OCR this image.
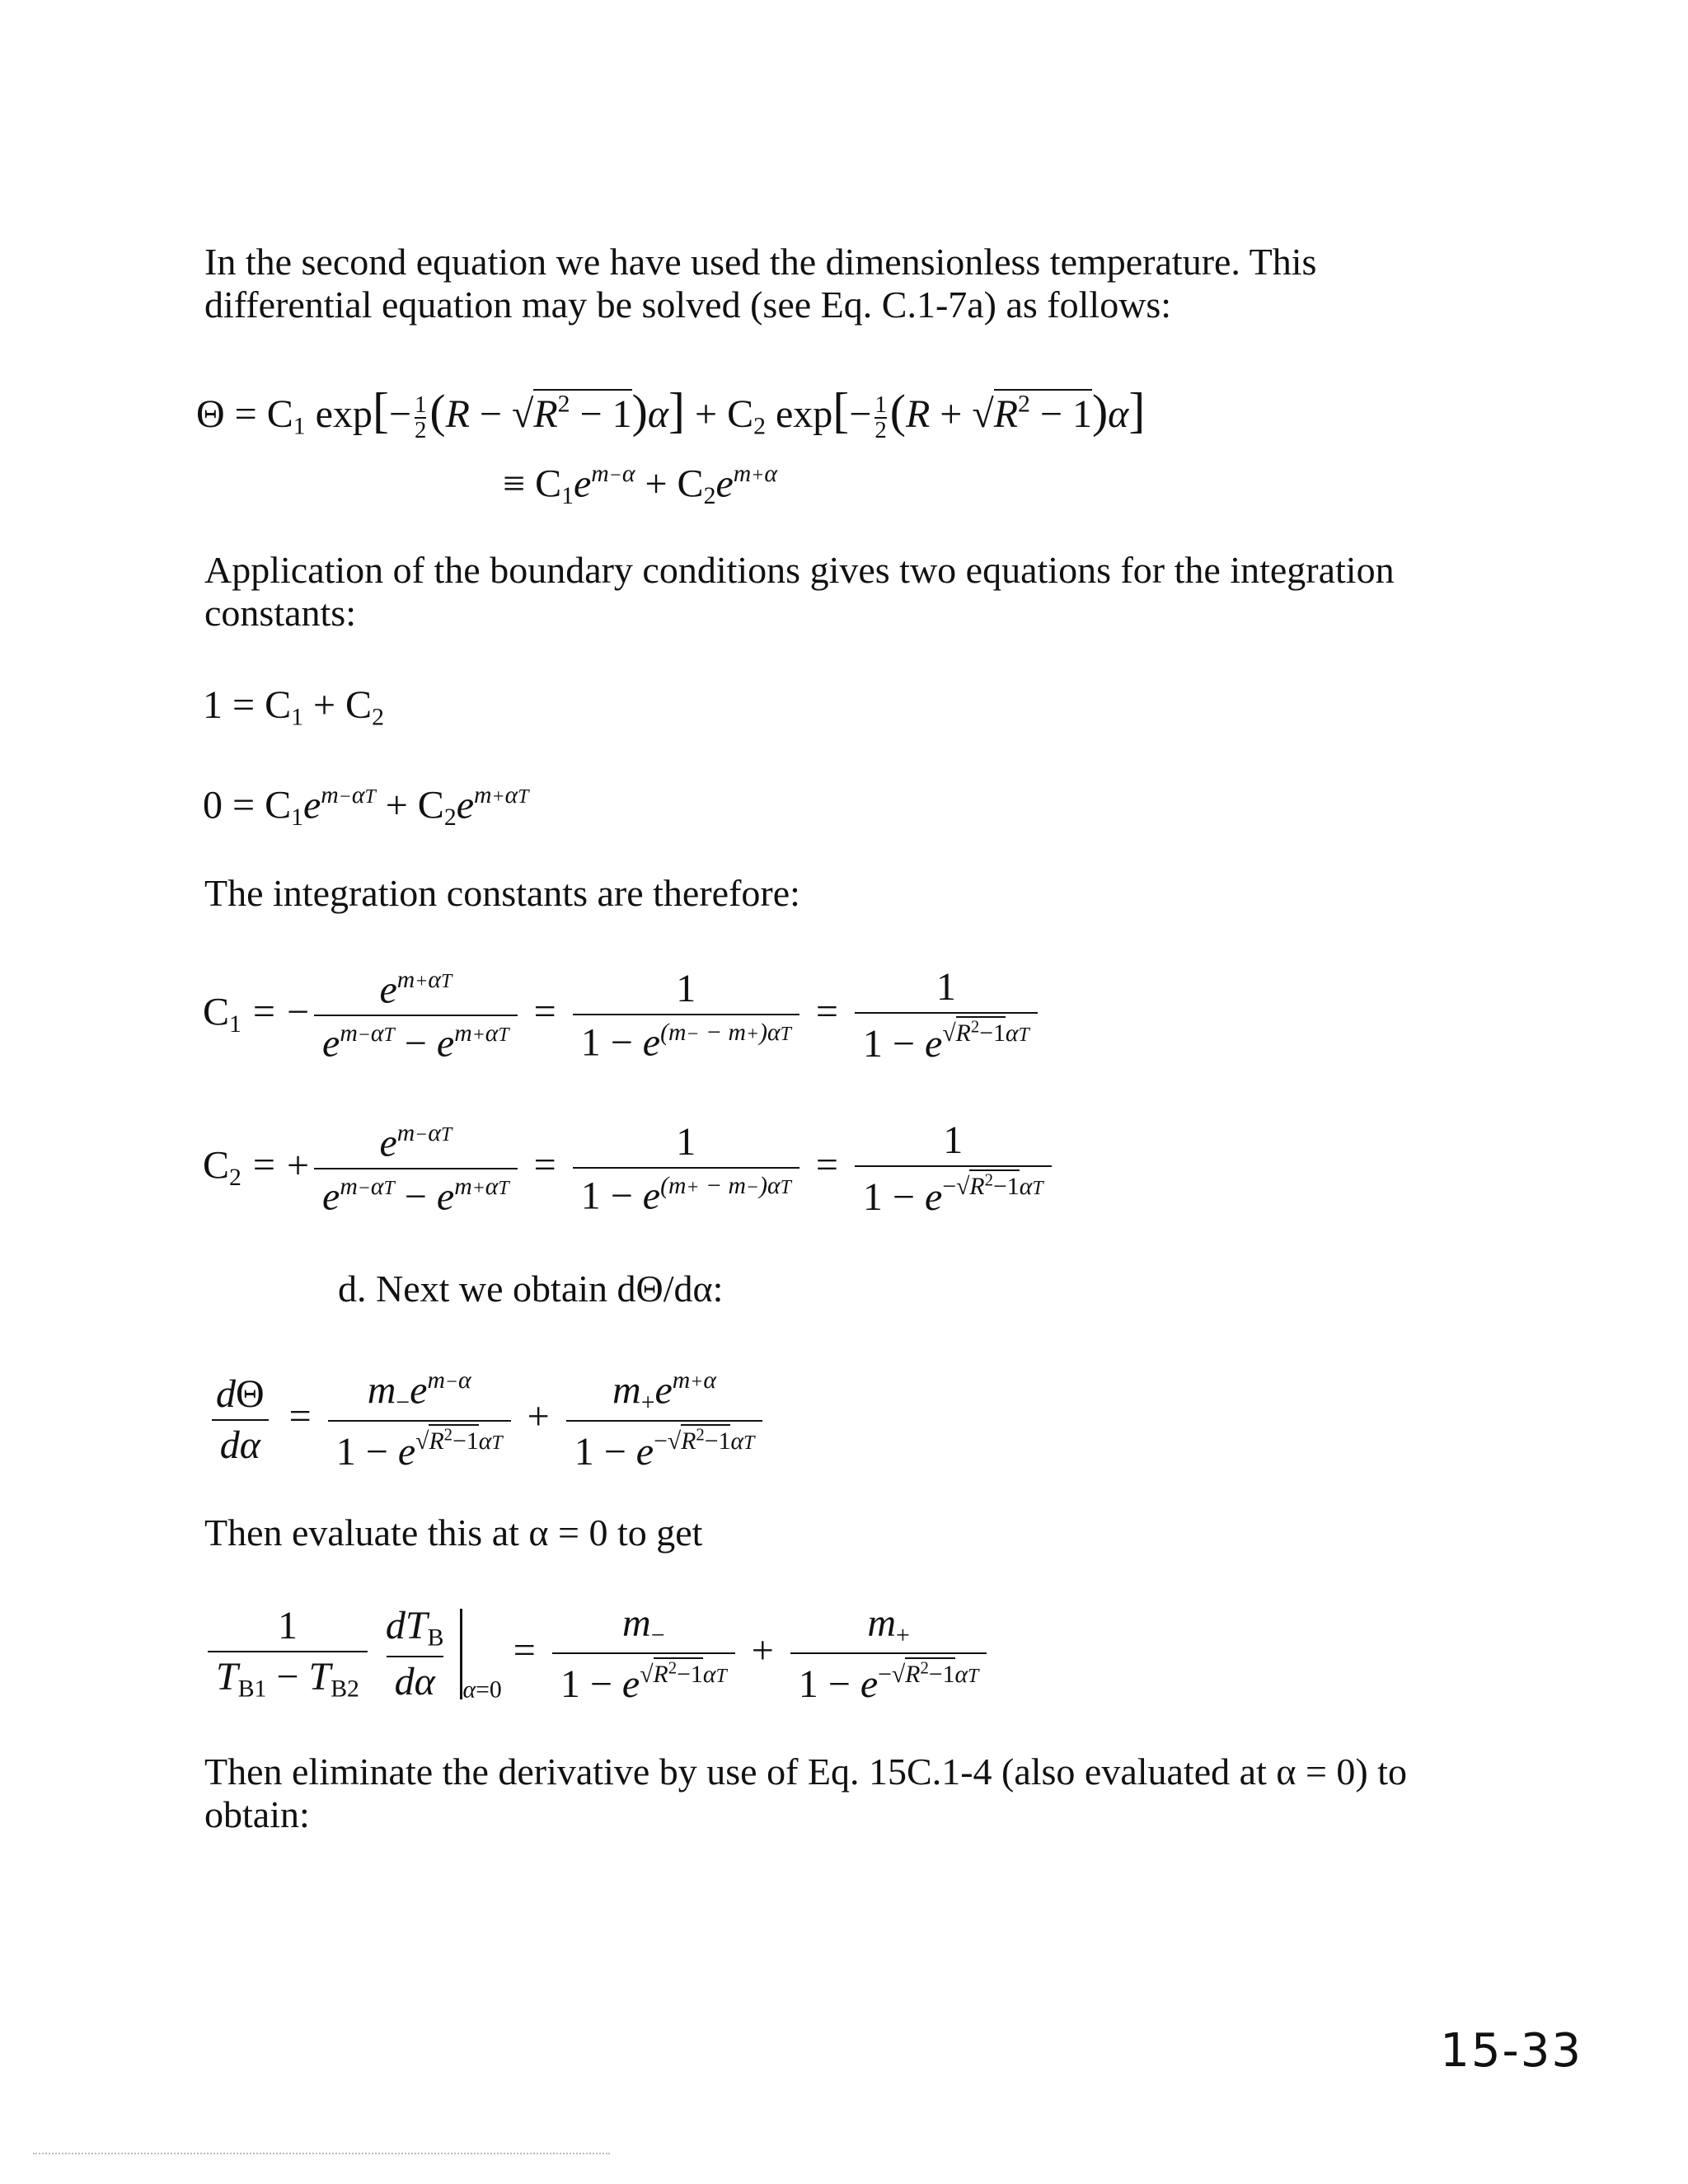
In the second equation we have used the dimensionless temperature. This differential equation may be solved (see Eq. C.1-7a) as follows:

$\Theta = C_1$ $\exp[- \frac{1}{2} (R - √R^2 - 1)\alpha] + C_2$ $\exp[- \frac{1}{2} (R + √R^2 - 1)\alpha]$
≡ $C_1e^{m-\alpha} + C_2e^{m+\alpha}$

Application of the boundary conditions gives two equations for the integration constants:

$1 = C_1 + C_2$
$0 = C_1e^{m-\alpha T} + C_2e^{m+\alpha T}$

The integration constants are therefore:

$C_1$ = − $\frac{e^{m+\alpha T}}{e^{m-\alpha T} - e^{m+\alpha T}} = \frac{1}{1 - e^{(m- - m+)\alpha T}} = \frac{1}{1 - e^{√R^2-1\alpha T}}$
$C_2$ = + $\frac{e^{m-\alpha T}}{e^{m-\alpha T} - e^{m+\alpha T}} = \frac{1}{1 - e^{(m+ - m-)\alpha T}} = \frac{1}{1 - e^{-√R^2-1\alpha T}}$

d. Next we obtain dΘ/dα:

$\frac{d\Theta}{d\alpha} = \frac{m_-e^{m-\alpha}}{1 - e^{√R^2-1\alpha T}} + \frac{m_+e^{m+\alpha}}{1 - e^{-√R^2-1\alpha T}}$

Then evaluate this at α = 0 to get

$\frac{1}{T_{B1} - T_{B2}} \frac{dT_B}{d\alpha} _{\alpha=0}= \frac{m_-}{1 - e^{√R^2-1\alpha T}} + \frac{m_+}{1 - e^{-√R^2-1\alpha T}}$

Then eliminate the derivative by use of Eq. 15C.1-4 (also evaluated at α = 0) to obtain:

15-33
